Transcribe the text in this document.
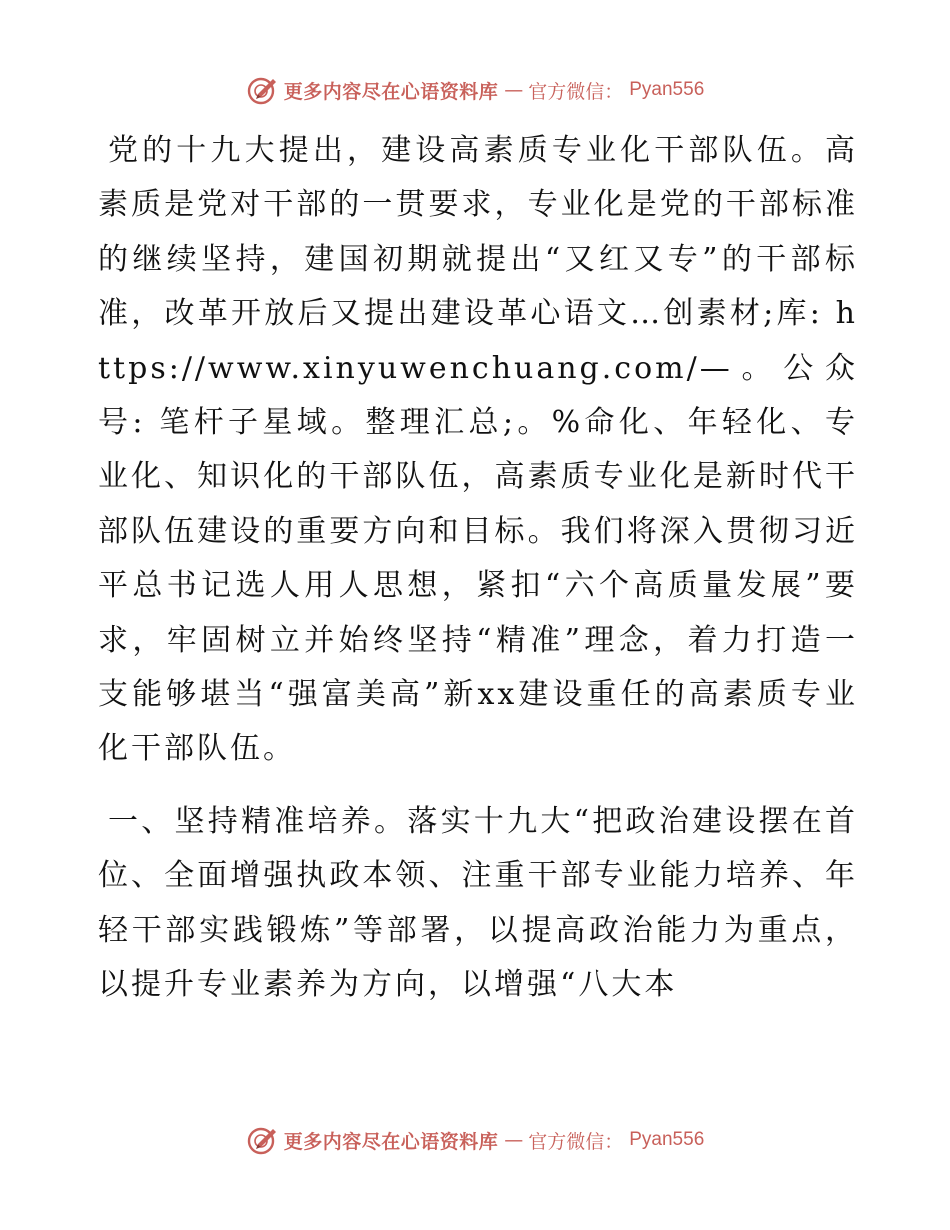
更多内容尽在心语资料库 — 官方微信： Pyan556

党的十九大提出，建设高素质专业化干部队伍。高素质是党对干部的一贯要求，专业化是党的干部标准的继续坚持，建国初期就提出“又红又专”的干部标准，改革开放后又提出建设革心语文…创素材;库: https://www.xinyuwenchuang.com/—。公众号: 笔杆子星域。整理汇总;。%命化、年轻化、专业化、知识化的干部队伍，高素质专业化是新时代干部队伍建设的重要方向和目标。我们将深入贯彻习近平总书记选人用人思想，紧扣“六个高质量发展”要求，牢固树立并始终坚持“精准”理念，着力打造一支能够堪当“强富美高”新xx建设重任的高素质专业化干部队伍。

一、坚持精准培养。落实十九大“把政治建设摆在首位、全面增强执政本领、注重干部专业能力培养、年轻干部实践锻炼”等部署，以提高政治能力为重点，以提升专业素养为方向，以增强“八大本

更多内容尽在心语资料库 — 官方微信： Pyan556
